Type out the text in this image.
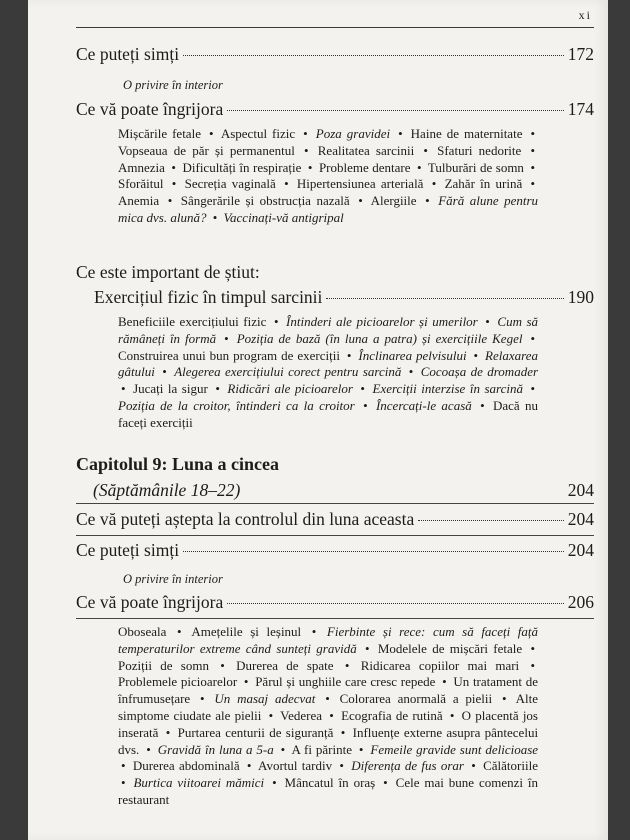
xi
Ce puteți simți	172
O privire în interior
Ce vă poate îngrijora	174
Mișcările fetale • Aspectul fizic • Poza gravidei • Haine de maternitate • Vopseaua de păr și permanentul • Realitatea sarcinii • Sfaturi nedorite • Amnezia • Dificultăți în respirație • Probleme dentare • Tulburări de somn • Sforăitul • Secreția vaginală • Hipertensiunea arterială • Zahăr în urină • Anemia • Sângerările și obstrucția nazală • Alergiile • Fără alune pentru mica dvs. alună? • Vaccinați-vă antigripal
Ce este important de știut:
Exercițiul fizic în timpul sarcinii	190
Beneficiile exercițiului fizic • Întinderi ale picioarelor și umerilor • Cum să rămâneți în formă • Poziția de bază (în luna a patra) și exercițiile Kegel • Construirea unui bun program de exerciții • Înclinarea pelvisului • Relaxarea gâtului • Alegerea exercițiului corect pentru sarcină • Cocoașa de dromader • Jucați la sigur • Ridicări ale picioarelor • Exerciții interzise în sarcină • Poziția de la croitor, întinderi ca la croitor • Încercați-le acasă • Dacă nu faceți exerciții
Capitolul 9: Luna a cincea
(Săptămânile 18–22)	204
Ce vă puteți aștepta la controlul din luna aceasta	204
Ce puteți simți	204
O privire în interior
Ce vă poate îngrijora	206
Oboseala • Amețelile și leșinul • Fierbinte și rece: cum să faceți față temperaturilor extreme când sunteți gravidă • Modelele de mișcări fetale • Poziții de somn • Durerea de spate • Ridicarea copiilor mai mari • Problemele picioarelor • Părul și unghiile care cresc repede • Un tratament de înfrumusețare • Un masaj adecvat • Colorarea anormală a pielii • Alte simptome ciudate ale pielii • Vederea • Ecografia de rutină • O placentă jos inserată • Purtarea centurii de siguranță • Influențe externe asupra pântecelui dvs. • Gravidă în luna a 5-a • A fi părinte • Femeile gravide sunt delicioase • Durerea abdominală • Avortul tardiv • Diferența de fus orar • Călătoriile • Burtica viitoarei mămici • Mâncatul în oraș • Cele mai bune comenzi în restaurant
